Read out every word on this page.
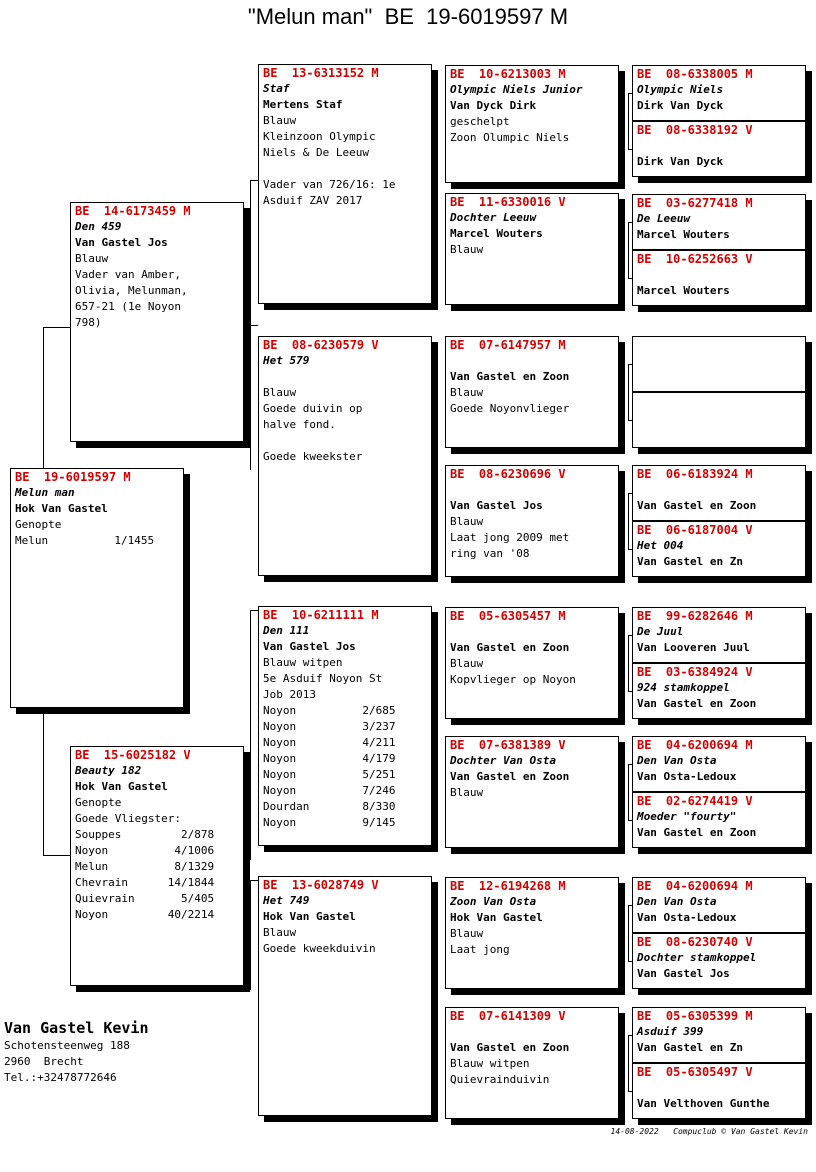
"Melun man"  BE  19-6019597 M
BE  19-6019597 M
Melun man
Hok Van Gastel
Genopte
Melun          1/1455
BE  14-6173459 M
Den 459
Van Gastel Jos
Blauw
Vader van Amber,
Olivia, Melunman,
657-21 (1e Noyon
798)
BE  15-6025182 V
Beauty 182
Hok Van Gastel
Genopte
Goede Vliegster:
Souppes         2/878
Noyon          4/1006
Melun          8/1329
Chevrain      14/1844
Quievrain       5/405
Noyon         40/2214
BE  13-6313152 M
Staf
Mertens Staf
Blauw
Kleinzoon Olympic
Niels & De Leeuw

Vader van 726/16: 1e
Asduif ZAV 2017
BE  08-6230579 V
Het 579

Blauw
Goede duivin op
halve fond.

Goede kweekster
BE  10-6211111 M
Den 111
Van Gastel Jos
Blauw witpen
5e Asduif Noyon St
Job 2013
Noyon          2/685
Noyon          3/237
Noyon          4/211
Noyon          4/179
Noyon          5/251
Noyon          7/246
Dourdan        8/330
Noyon          9/145
BE  13-6028749 V
Het 749
Hok Van Gastel
Blauw
Goede kweekduivin
BE  10-6213003 M
Olympic Niels Junior
Van Dyck Dirk
geschelpt
Zoon Olumpic Niels
BE  11-6330016 V
Dochter Leeuw
Marcel Wouters
Blauw
BE  07-6147957 M

Van Gastel en Zoon
Blauw
Goede Noyonvlieger
BE  08-6230696 V

Van Gastel Jos
Blauw
Laat jong 2009 met
ring van '08
BE  05-6305457 M

Van Gastel en Zoon
Blauw
Kopvlieger op Noyon
BE  07-6381389 V
Dochter Van Osta
Van Gastel en Zoon
Blauw
BE  12-6194268 M
Zoon Van Osta
Hok Van Gastel
Blauw
Laat jong
BE  07-6141309 V

Van Gastel en Zoon
Blauw witpen
Quievrainduivin
BE  08-6338005 M
Olympic Niels
Dirk Van Dyck
BE  08-6338192 V

Dirk Van Dyck
BE  03-6277418 M
De Leeuw
Marcel Wouters
BE  10-6252663 V

Marcel Wouters
BE  06-6183924 M

Van Gastel en Zoon
BE  06-6187004 V
Het 004
Van Gastel en Zn
BE  99-6282646 M
De Juul
Van Looveren Juul
BE  03-6384924 V
924 stamkoppel
Van Gastel en Zoon
BE  04-6200694 M
Den Van Osta
Van Osta-Ledoux
BE  02-6274419 V
Moeder "fourty"
Van Gastel en Zoon
BE  04-6200694 M
Den Van Osta
Van Osta-Ledoux
BE  08-6230740 V
Dochter stamkoppel
Van Gastel Jos
BE  05-6305399 M
Asduif 399
Van Gastel en Zn
BE  05-6305497 V

Van Velthoven Gunthe
Van Gastel Kevin
Schotensteenweg 188
2960  Brecht
Tel.:+32478772646
14-08-2022   Compuclub © Van Gastel Kevin
